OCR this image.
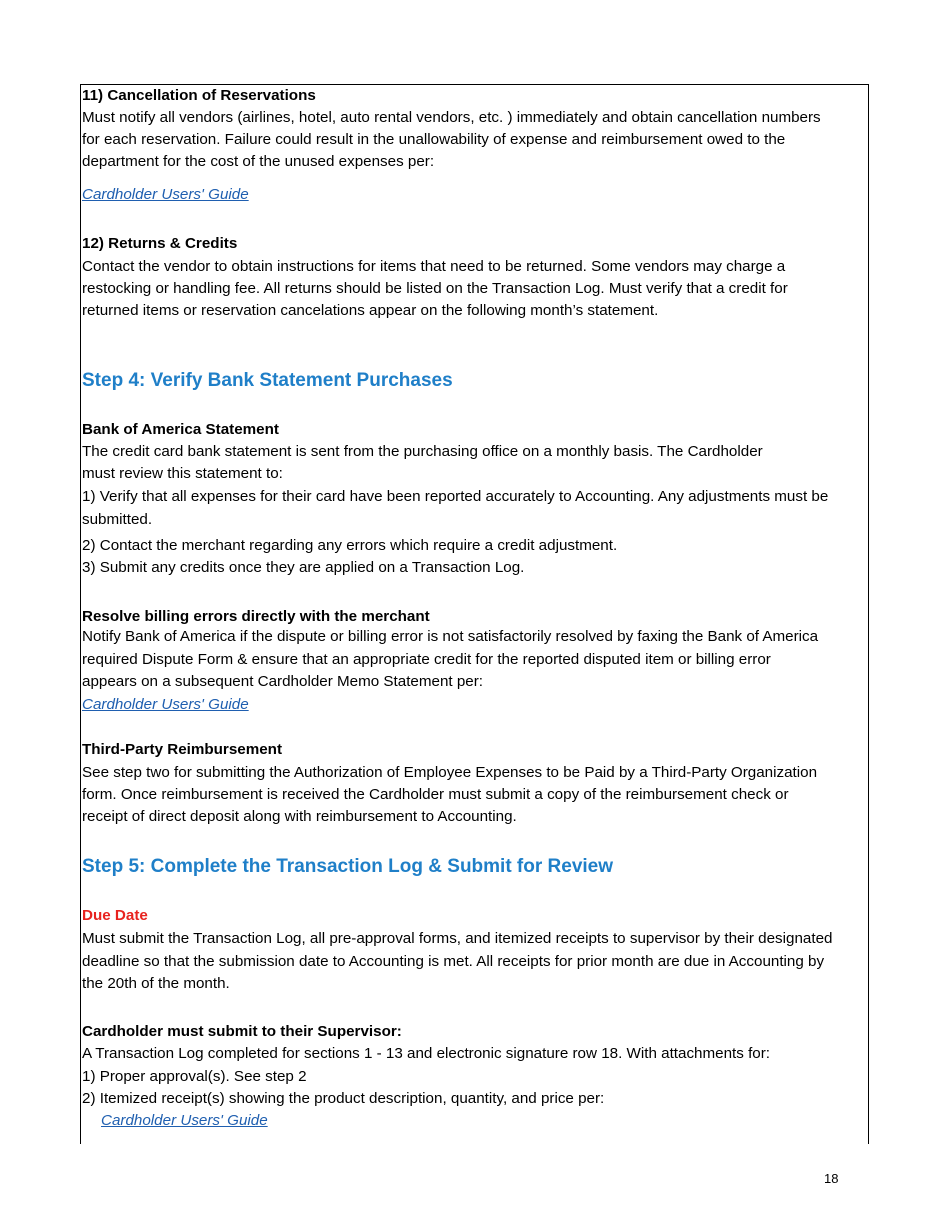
11) Cancellation of Reservations
Must notify all vendors (airlines, hotel, auto rental vendors, etc. ) immediately and obtain cancellation numbers
for each reservation. Failure could result in the unallowability of expense and reimbursement owed to the
department for the cost of the unused expenses per:
Cardholder Users' Guide
12) Returns & Credits
Contact the vendor to obtain instructions for items that need to be returned. Some vendors may charge a
restocking or handling fee. All returns should be listed on the Transaction Log. Must verify that a credit for
returned items or reservation cancelations appear on the following month’s statement.
Step 4: Verify Bank Statement Purchases
Bank of America Statement
The credit card bank statement is sent from the purchasing office on a monthly basis. The Cardholder
must review this statement to:
1) Verify that all expenses for their card have been reported accurately to Accounting. Any adjustments must be
submitted.
2) Contact the merchant regarding any errors which require a credit adjustment.
3) Submit any credits once they are applied on a Transaction Log.
Resolve billing errors directly with the merchant
Notify Bank of America if the dispute or billing error is not satisfactorily resolved by faxing the Bank of America
required Dispute Form & ensure that an appropriate credit for the reported disputed item or billing error
appears on a subsequent Cardholder Memo Statement per:
Cardholder Users' Guide
Third-Party Reimbursement
See step two for submitting the Authorization of Employee Expenses to be Paid by a Third-Party Organization
form. Once reimbursement is received the Cardholder must submit a copy of the reimbursement check or
receipt of direct deposit along with reimbursement to Accounting.
Step 5: Complete the Transaction Log & Submit for Review
Due Date
Must submit the Transaction Log, all pre-approval forms, and itemized receipts to supervisor by their designated
deadline so that the submission date to Accounting is met. All receipts for prior month are due in Accounting by
the 20th of the month.
Cardholder must submit to their Supervisor:
A Transaction Log completed for sections 1 - 13 and electronic signature row 18. With attachments for:
1) Proper approval(s). See step 2
2) Itemized receipt(s) showing the product description, quantity, and price per:
Cardholder Users' Guide
18
